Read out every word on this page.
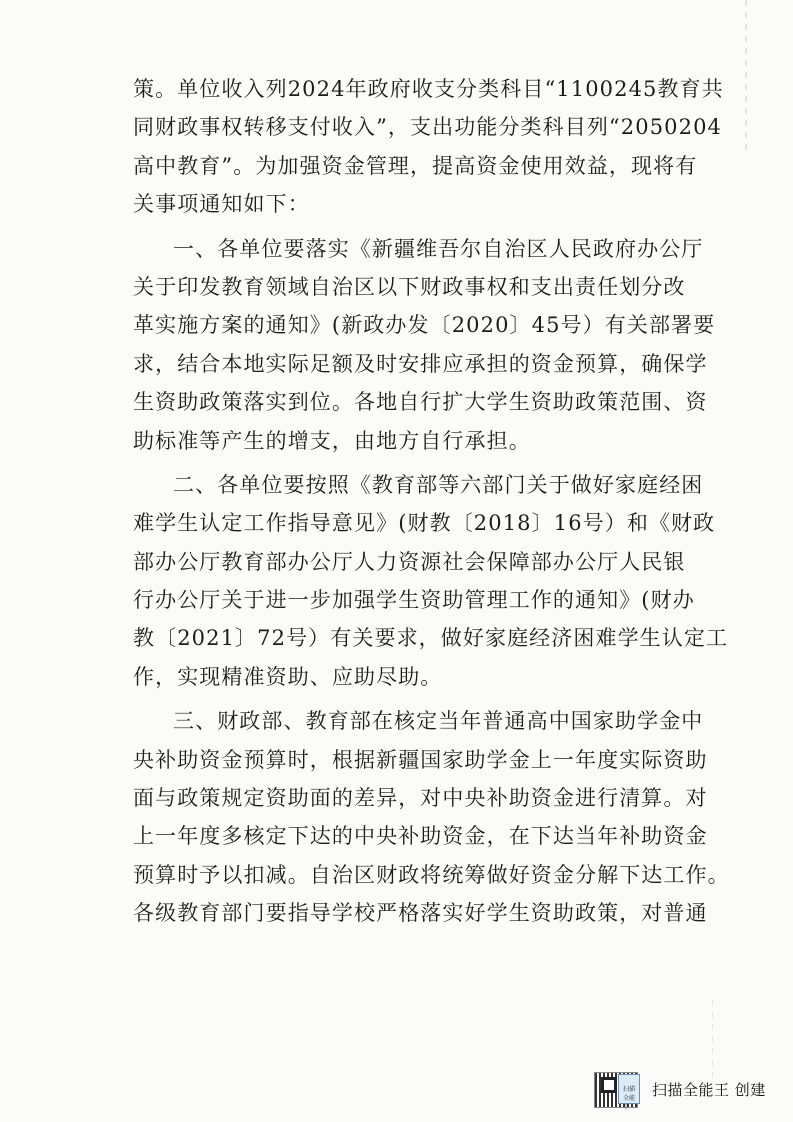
策。单位收入列2024年政府收支分类科目“1100245教育共
同财政事权转移支付收入”，支出功能分类科目列“2050204
高中教育”。为加强资金管理，提高资金使用效益，现将有
关事项通知如下：
一、各单位要落实《新疆维吾尔自治区人民政府办公厅
关于印发教育领域自治区以下财政事权和支出责任划分改
革实施方案的通知》(新政办发〔2020〕45号）有关部署要
求，结合本地实际足额及时安排应承担的资金预算，确保学
生资助政策落实到位。各地自行扩大学生资助政策范围、资
助标准等产生的增支，由地方自行承担。
二、各单位要按照《教育部等六部门关于做好家庭经困
难学生认定工作指导意见》(财教〔2018〕16号）和《财政
部办公厅教育部办公厅人力资源社会保障部办公厅人民银
行办公厅关于进一步加强学生资助管理工作的通知》(财办
教〔2021〕72号）有关要求，做好家庭经济困难学生认定工
作，实现精准资助、应助尽助。
三、财政部、教育部在核定当年普通高中国家助学金中
央补助资金预算时，根据新疆国家助学金上一年度实际资助
面与政策规定资助面的差异，对中央补助资金进行清算。对
上一年度多核定下达的中央补助资金，在下达当年补助资金
预算时予以扣减。自治区财政将统筹做好资金分解下达工作。
各级教育部门要指导学校严格落实好学生资助政策，对普通
扫描全能王
扫描全能王 创建
